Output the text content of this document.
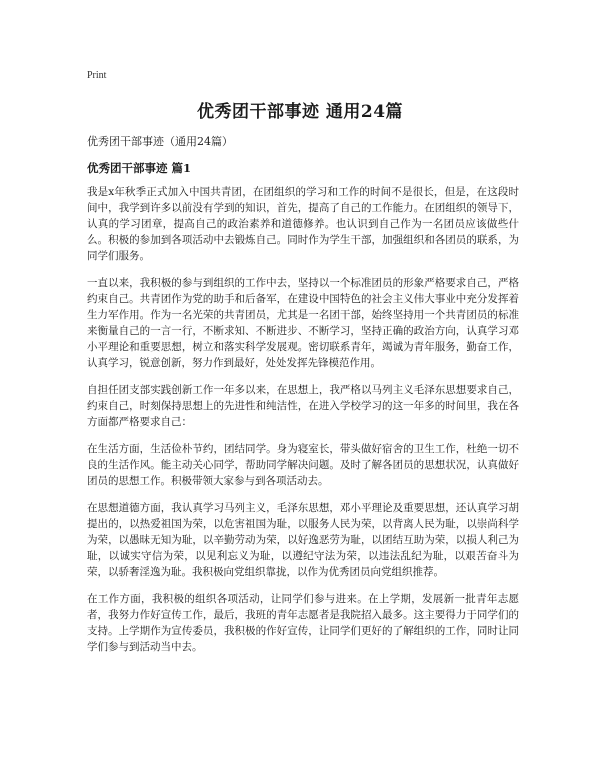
Print
优秀团干部事迹 通用24篇
优秀团干部事迹（通用24篇）
优秀团干部事迹 篇1

我是x年秋季正式加入中国共青团，在团组织的学习和工作的时间不是很长，但是，在这段时间中，我学到许多以前没有学到的知识，首先，提高了自己的工作能力。在团组织的领导下，认真的学习团章，提高自己的政治素养和道德修养。也认识到自己作为一名团员应该做些什么。积极的参加到各项活动中去锻炼自己。同时作为学生干部，加强组织和各团员的联系，为同学们服务。

一直以来，我积极的参与到组织的工作中去，坚持以一个标准团员的形象严格要求自己，严格约束自己。共青团作为党的助手和后备军，在建设中国特色的社会主义伟大事业中充分发挥着生力军作用。作为一名光荣的共青团员，尤其是一名团干部，始终坚持用一个共青团员的标准来衡量自己的一言一行，不断求知、不断进步、不断学习，坚持正确的政治方向，认真学习邓小平理论和重要思想，树立和落实科学发展观。密切联系青年，竭诚为青年服务，勤奋工作，认真学习，锐意创新，努力作到最好，处处发挥先锋模范作用。

自担任团支部实践创新工作一年多以来，在思想上，我严格以马列主义毛泽东思想要求自己，约束自己，时刻保持思想上的先进性和纯洁性，在进入学校学习的这一年多的时间里，我在各方面都严格要求自己：

在生活方面，生活俭朴节约，团结同学。身为寝室长，带头做好宿舍的卫生工作，杜绝一切不良的生活作风。能主动关心同学，帮助同学解决问题。及时了解各团员的思想状况，认真做好团员的思想工作。积极带领大家参与到各项活动去。

在思想道德方面，我认真学习马列主义，毛泽东思想，邓小平理论及重要思想，还认真学习胡提出的，以热爱祖国为荣，以危害祖国为耻，以服务人民为荣，以背离人民为耻，以崇尚科学为荣，以愚昧无知为耻，以辛勤劳动为荣，以好逸恶劳为耻，以团结互助为荣，以损人利己为耻，以诚实守信为荣，以见利忘义为耻，以遵纪守法为荣，以违法乱纪为耻，以艰苦奋斗为荣，以骄奢淫逸为耻。我积极向党组织靠拢，以作为优秀团员向党组织推荐。

在工作方面，我积极的组织各项活动，让同学们参与进来。在上学期，发展新一批青年志愿者，我努力作好宣传工作，最后，我班的青年志愿者是我院招入最多。这主要得力于同学们的支持。上学期作为宣传委员，我积极的作好宣传，让同学们更好的了解组织的工作，同时让同学们参与到活动当中去。
